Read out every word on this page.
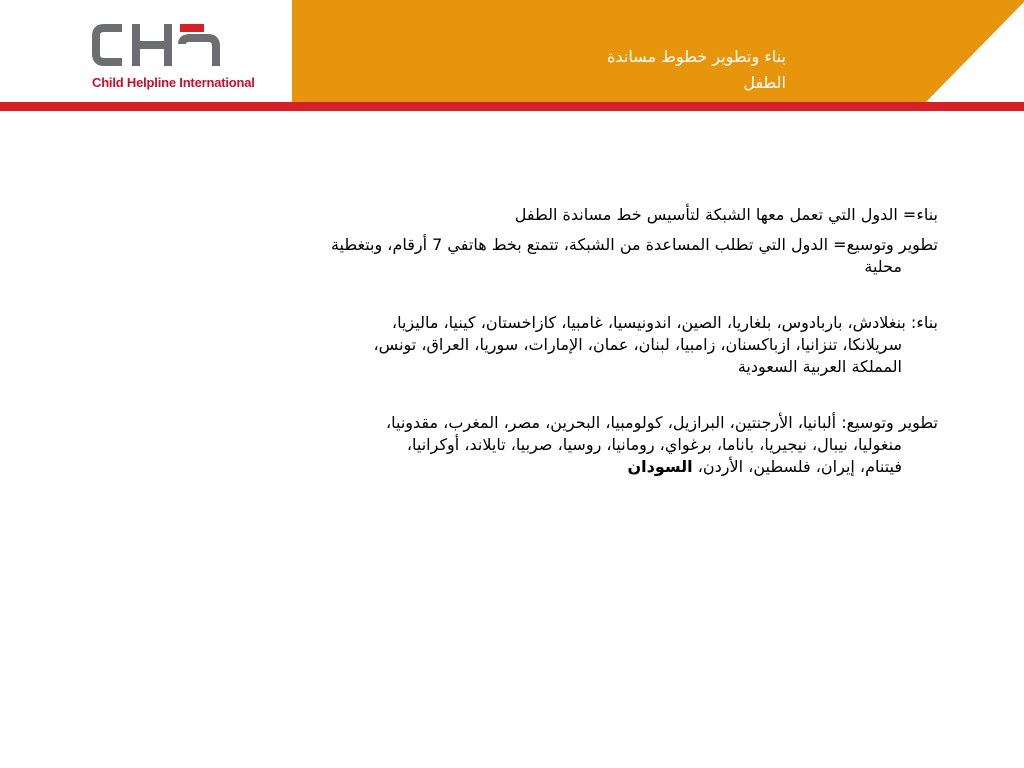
Child Helpline International
بناء وتطوير خطوط مساندة
الطفل

بناء= الدول التي تعمل معها الشبكة لتأسيس خط مساندة الطفل

تطوير وتوسيع= الدول التي تطلب المساعدة من الشبكة، تتمتع بخط هاتفي 7 أرقام، وبتغطية
محلية

بناء: بنغلادش، باربادوس، بلغاريا، الصين، اندونيسيا، غامبيا، كازاخستان، كينيا، ماليزيا،
سريلانكا، تنزانيا، ازباكسنان، زامبيا، لبنان، عمان، الإمارات، سوريا، العراق، تونس،
المملكة العربية السعودية

تطوير وتوسيع: ألبانيا، الأرجنتين، البرازيل، كولومبيا، البحرين، مصر، المغرب، مقدونيا،
منغوليا، نيبال، نيجيريا، باناما، برغواي، رومانيا، روسيا، صربيا، تايلاند، أوكرانيا،
فيتنام، إيران، فلسطين، الأردن، السودان
